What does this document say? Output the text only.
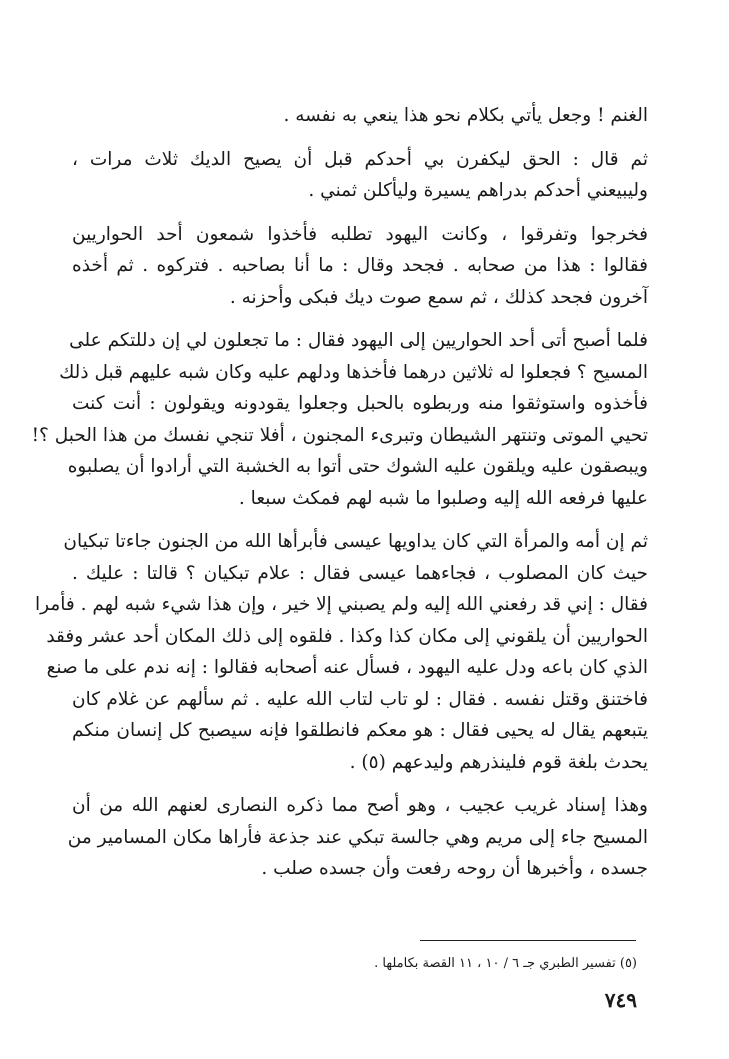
الغنم ! وجعل يأتي بكلام نحو هذا ينعي به نفسه .

ثم قال : الحق ليكفرن بي أحدكم قبل أن يصيح الديك ثلاث مرات ،
وليبيعني أحدكم بدراهم يسيرة وليأكلن ثمني .

فخرجوا وتفرقوا ، وكانت اليهود تطلبه فأخذوا شمعون أحد الحواريين
فقالوا : هذا من صحابه . فجحد وقال : ما أنا بصاحبه . فتركوه . ثم أخذه
آخرون فجحد كذلك ، ثم سمع صوت ديك فبكى وأحزنه .

فلما أصبح أتى أحد الحواريين إلى اليهود فقال : ما تجعلون لي إن دللتكم على
المسيح ؟ فجعلوا له ثلاثين درهما فأخذها ودلهم عليه وكان شبه عليهم قبل ذلك
فأخذوه واستوثقوا منه وربطوه بالحبل وجعلوا يقودونه ويقولون : أنت كنت
تحيي الموتى وتنتهر الشيطان وتبرىء المجنون ، أفلا تنجي نفسك من هذا الحبل ؟!
ويبصقون عليه ويلقون عليه الشوك حتى أتوا به الخشبة التي أرادوا أن يصلبوه
عليها فرفعه الله إليه وصلبوا ما شبه لهم فمكث سبعا .

ثم إن أمه والمرأة التي كان يداويها عيسى فأبرأها الله من الجنون جاءتا تبكيان
حيث كان المصلوب ، فجاءهما عيسى فقال : علام تبكيان ؟ قالتا : عليك .
فقال : إني قد رفعني الله إليه ولم يصبني إلا خير ، وإن هذا شيء شبه لهم . فأمرا
الحواريين أن يلقوني إلى مكان كذا وكذا . فلقوه إلى ذلك المكان أحد عشر وفقد
الذي كان باعه ودل عليه اليهود ، فسأل عنه أصحابه فقالوا : إنه ندم على ما صنع
فاختنق وقتل نفسه . فقال : لو تاب لتاب الله عليه . ثم سألهم عن غلام كان
يتبعهم يقال له يحيى فقال : هو معكم فانطلقوا فإنه سيصبح كل إنسان منكم
يحدث بلغة قوم فلينذرهم وليدعهم (٥) .

وهذا إسناد غريب عجيب ، وهو أصح مما ذكره النصارى لعنهم الله من أن
المسيح جاء إلى مريم وهي جالسة تبكي عند جذعة فأراها مكان المسامير من
جسده ، وأخبرها أن روحه رفعت وأن جسده صلب .

(٥) تفسير الطبري جـ ٦ / ١٠ ، ١١ القصة بكاملها .
٧٤٩
